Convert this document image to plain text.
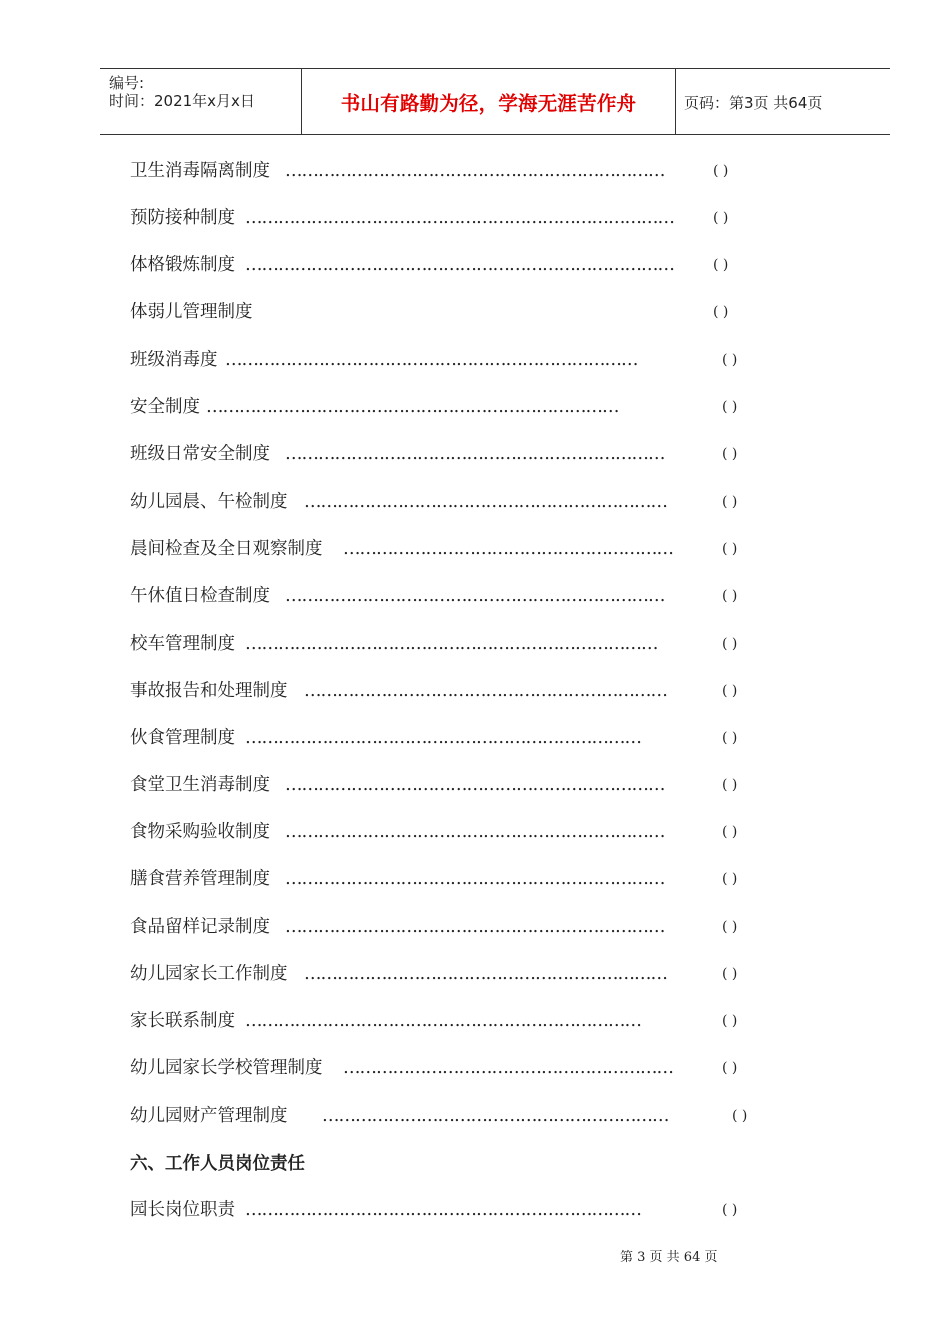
编号:
时间：2021年x月x日	书山有路勤为径，学海无涯苦作舟	页码：第3页 共64页
卫生消毒隔离制度 ……………………………………………………………	( )
预防接种制度 ……………………………………………………………………	( )
体格锻炼制度 ……………………………………………………………………	( )
体弱儿管理制度	( )
班级消毒度 …………………………………………………………………	( )
安全制度 …………………………………………………………………	( )
班级日常安全制度 ……………………………………………………………	( )
幼儿园晨、午检制度 …………………………………………………………	( )
晨间检查及全日观察制度 ……………………………………………………	( )
午休值日检查制度 ……………………………………………………………	( )
校车管理制度 …………………………………………………………………	( )
事故报告和处理制度 …………………………………………………………	( )
伙食管理制度 ………………………………………………………………	( )
食堂卫生消毒制度 ……………………………………………………………	( )
食物采购验收制度 ……………………………………………………………	( )
膳食营养管理制度 ……………………………………………………………	( )
食品留样记录制度 ……………………………………………………………	( )
幼儿园家长工作制度 …………………………………………………………	( )
家长联系制度 ………………………………………………………………	( )
幼儿园家长学校管理制度 ……………………………………………………	( )
幼儿园财产管理制度 ………………………………………………………	( )
六、工作人员岗位责任
园长岗位职责 ………………………………………………………………	( )
第 3 页 共 64 页
